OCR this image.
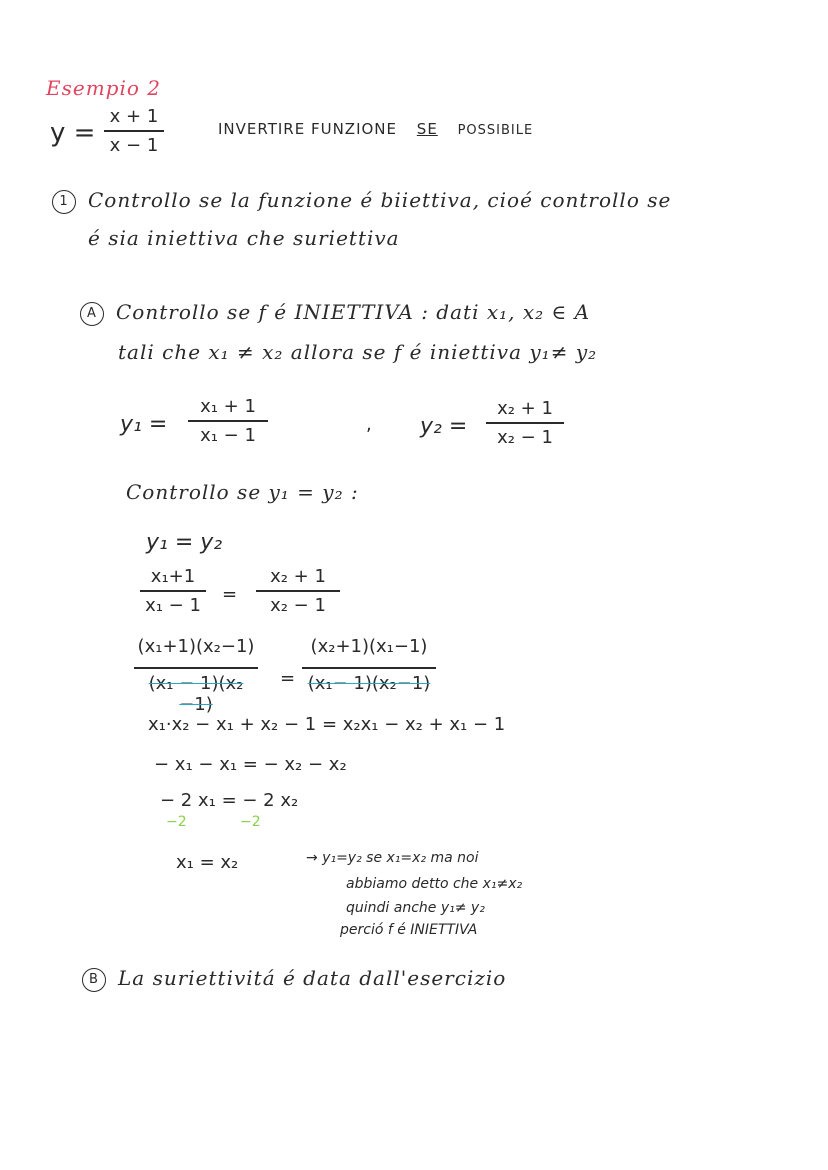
Esempio 2
y =
x + 1
x − 1
INVERTIRE FUNZIONE SE POSSIBILE
1 Controllo se la funzione é biiettiva, cioé controllo se
é sia iniettiva che suriettiva
A Controllo se f é INIETTIVA : dati x₁, x₂ ∈ A
tali che x₁ ≠ x₂ allora se f é iniettiva y₁≠ y₂
y₁ =
x₁ + 1
x₁ − 1
, y₂ =
x₂ + 1
x₂ − 1
Controllo se y₁ = y₂ :
y₁ = y₂
x₁+1
x₁ − 1
=
x₂ + 1
x₂ − 1
(x₁+1)(x₂−1)
(x₁ − 1)(x₂ −1)
=
(x₂+1)(x₁−1)
(x₁− 1)(x₂−1)
x₁·x₂ − x₁ + x₂ − 1 = x₂x₁ − x₂ + x₁ − 1
− x₁ − x₁ = − x₂ − x₂
− 2 x₁ = − 2 x₂
−2            −2
x₁ = x₂	→ y₁=y₂ se x₁=x₂ ma noi
abbiamo detto che x₁≠x₂
quindi anche y₁≠ y₂
perció f é INIETTIVA
B La suriettivitá é data dall'esercizio
